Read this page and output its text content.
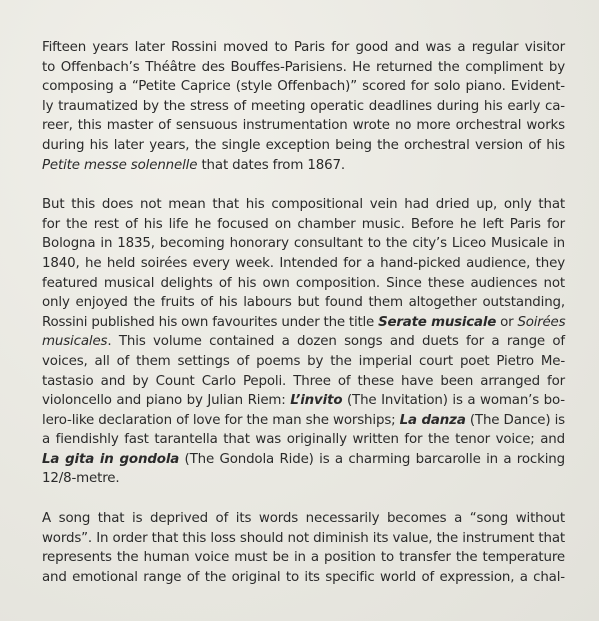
Fifteen years later Rossini moved to Paris for good and was a regular visitor
to Offenbach’s Théâtre des Bouffes-Parisiens. He returned the compliment by
composing a “Petite Caprice (style Offenbach)” scored for solo piano. Evident-
ly traumatized by the stress of meeting operatic deadlines during his early ca-
reer, this master of sensuous instrumentation wrote no more orchestral works
during his later years, the single exception being the orchestral version of his
Petite messe solennelle that dates from 1867.

But this does not mean that his compositional vein had dried up, only that
for the rest of his life he focused on chamber music. Before he left Paris for
Bologna in 1835, becoming honorary consultant to the city’s Liceo Musicale in
1840, he held soirées every week. Intended for a hand-picked audience, they
featured musical delights of his own composition. Since these audiences not
only enjoyed the fruits of his labours but found them altogether outstanding,
Rossini published his own favourites under the title Serate musicale or Soirées
musicales. This volume contained a dozen songs and duets for a range of
voices, all of them settings of poems by the imperial court poet Pietro Me-
tastasio and by Count Carlo Pepoli. Three of these have been arranged for
violoncello and piano by Julian Riem: L’invito (The Invitation) is a woman’s bo-
lero-like declaration of love for the man she worships; La danza (The Dance) is
a fiendishly fast tarantella that was originally written for the tenor voice; and
La gita in gondola (The Gondola Ride) is a charming barcarolle in a rocking
12/8-metre.

A song that is deprived of its words necessarily becomes a “song without
words”. In order that this loss should not diminish its value, the instrument that
represents the human voice must be in a position to transfer the temperature
and emotional range of the original to its specific world of expression, a chal-
